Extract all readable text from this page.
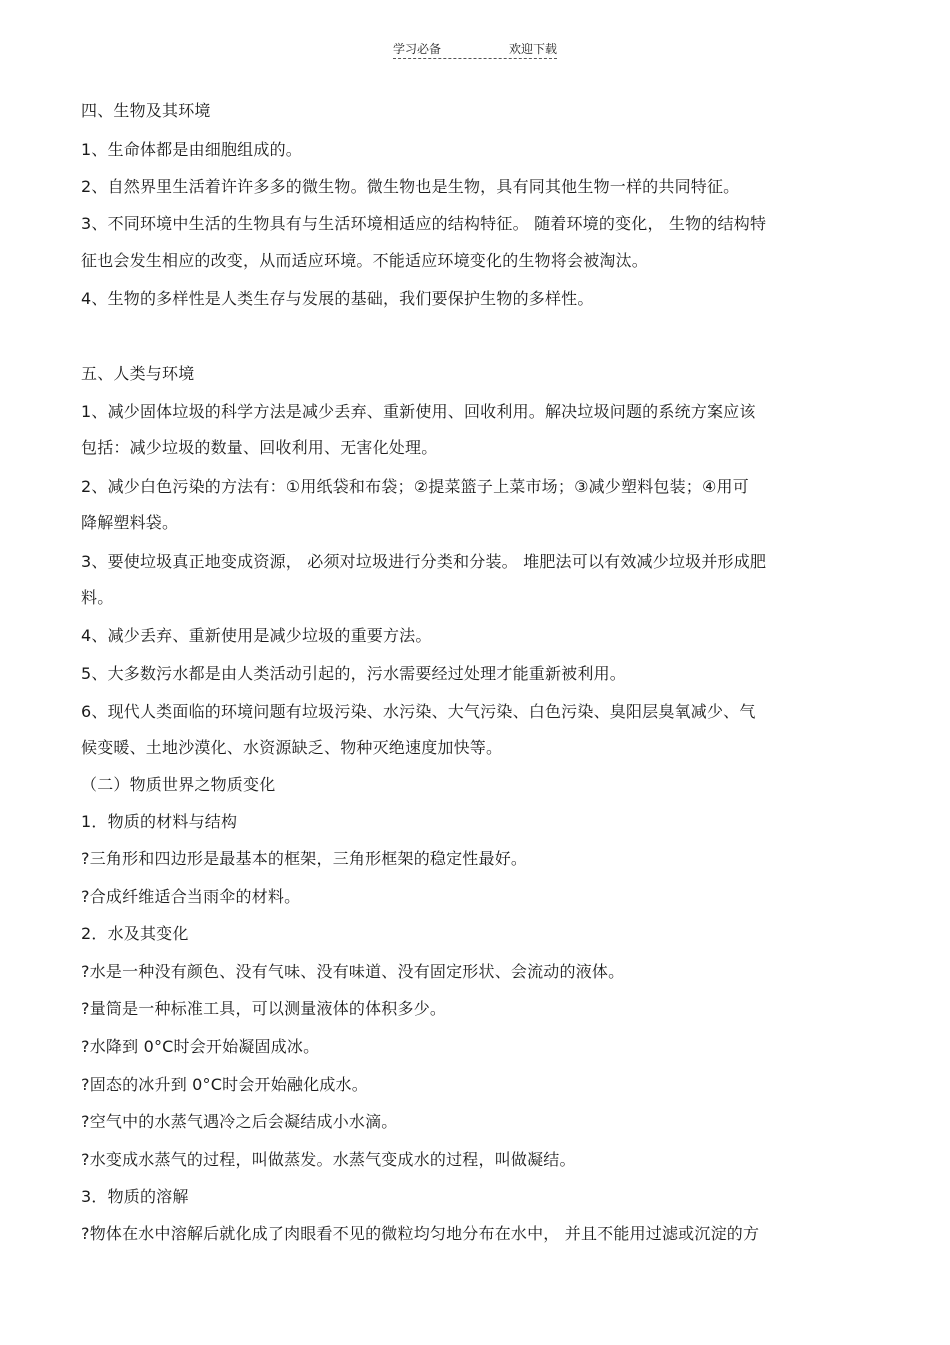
学习必备	欢迎下载
四、生物及其环境
1、生命体都是由细胞组成的。
2、自然界里生活着许许多多的微生物。微生物也是生物，具有同其他生物一样的共同特征。
3、不同环境中生活的生物具有与生活环境相适应的结构特征。 随着环境的变化， 生物的结构特
征也会发生相应的改变，从而适应环境。不能适应环境变化的生物将会被淘汰。
4、生物的多样性是人类生存与发展的基础，我们要保护生物的多样性。
五、人类与环境
1、减少固体垃圾的科学方法是减少丢弃、重新使用、回收利用。解决垃圾问题的系统方案应该
包括：减少垃圾的数量、回收利用、无害化处理。
2、减少白色污染的方法有：①用纸袋和布袋；②提菜篮子上菜市场；③减少塑料包装；④用可
降解塑料袋。
3、要使垃圾真正地变成资源， 必须对垃圾进行分类和分装。 堆肥法可以有效减少垃圾并形成肥
料。
4、减少丢弃、重新使用是减少垃圾的重要方法。
5、大多数污水都是由人类活动引起的，污水需要经过处理才能重新被利用。
6、现代人类面临的环境问题有垃圾污染、水污染、大气污染、白色污染、臭阳层臭氧减少、气
候变暖、土地沙漠化、水资源缺乏、物种灭绝速度加快等。
（二）物质世界之物质变化
1．物质的材料与结构
?三角形和四边形是最基本的框架，三角形框架的稳定性最好。
?合成纤维适合当雨伞的材料。
2．水及其变化
?水是一种没有颜色、没有气味、没有味道、没有固定形状、会流动的液体。
?量筒是一种标准工具，可以测量液体的体积多少。
?水降到 0°C时会开始凝固成冰。
?固态的冰升到 0°C时会开始融化成水。
?空气中的水蒸气遇冷之后会凝结成小水滴。
?水变成水蒸气的过程，叫做蒸发。水蒸气变成水的过程，叫做凝结。
3．物质的溶解
?物体在水中溶解后就化成了肉眼看不见的微粒均匀地分布在水中， 并且不能用过滤或沉淀的方
